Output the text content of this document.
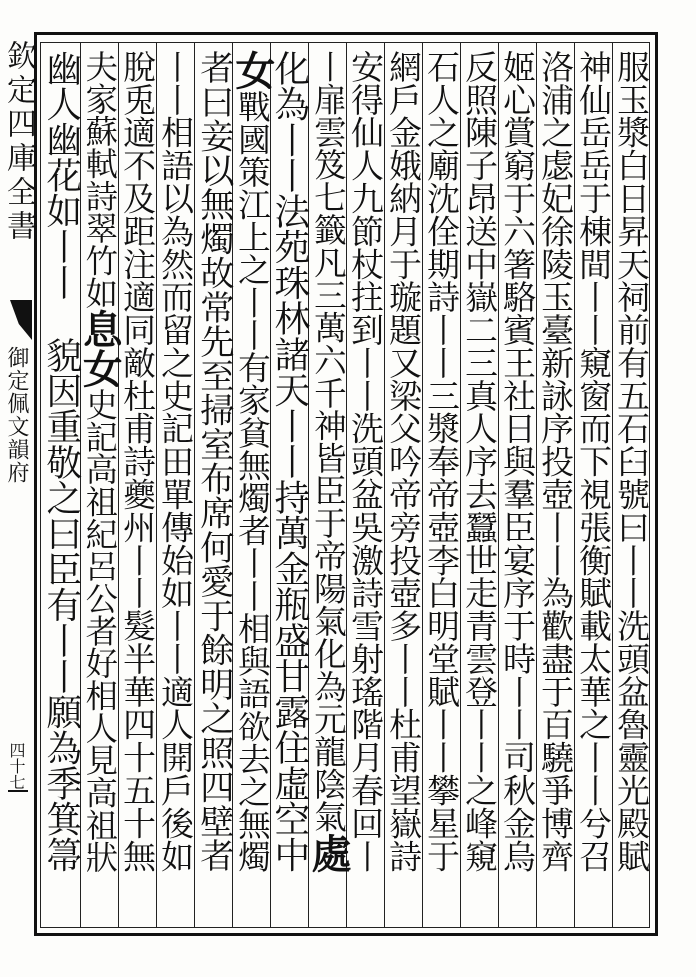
欽定四庫全書
御定佩文韻府
四十七	服玉漿白日昇天祠前有五石臼號曰丨丨洗頭盆魯靈光殿賦
神仙岳岳于棟間丨丨窺窗而下視張衡賦載太華之丨丨兮召
洛浦之虙妃徐陵玉臺新詠序投壺丨丨為歡盡于百驍爭博齊
姬心賞窮于六箸駱賓王社日與羣臣宴序于時丨丨司秋金烏
反照陳子昂送中嶽二三真人序去蠶世走青雲登丨丨之峰窺
石人之廟沈佺期詩丨丨三漿奉帝壺李白明堂賦丨丨攀星于
網戶金娥納月于璇題又梁父吟帝旁投壺多丨丨杜甫望嶽詩
安得仙人九節杖拄到丨丨洗頭盆吳激詩雪射瑤階月春回丨
丨扉雲笈七籤凡三萬六千神皆臣于帝陽氣化為元龍陰氣
處
化為丨丨法苑珠林諸天丨丨持萬金瓶盛甘露住虛空中
女
戰國策江上之丨丨有家貧無燭者丨丨相與語欲去之無燭
者曰妾以無燭故常先至掃室布席何愛于餘明之照四壁者
丨丨相語以為然而留之史記田單傳始如丨丨適人開戶後如
脫兎適不及距注適同敵杜甫詩夔州丨丨髮半華四十五十無
夫家蘇軾詩翠竹如
息女
史記高祖紀呂公者好相人見高祖狀
幽人幽花如丨丨

貌因重敬之曰臣有丨丨願為季箕箒
